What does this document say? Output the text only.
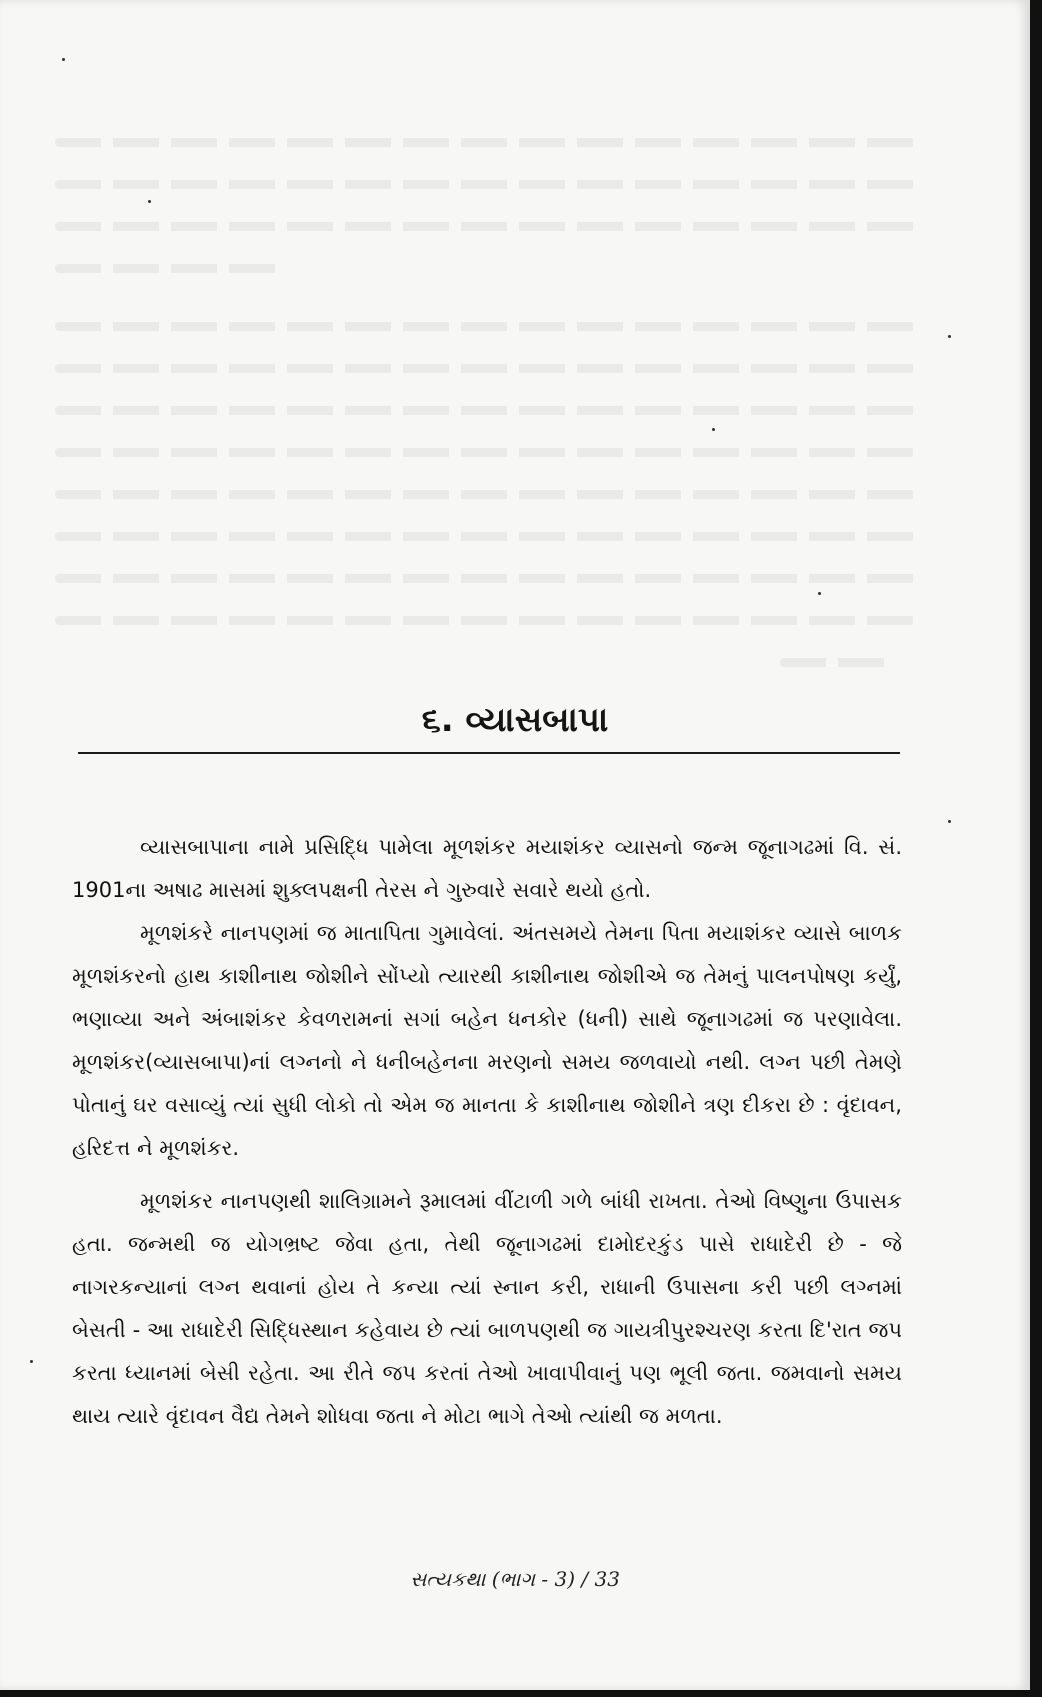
૬. વ્યાસબાપા

વ્યાસબાપાના નામે પ્રસિદ્ધિ પામેલા મૂળશંકર મયાશંકર વ્યાસનો જન્મ જૂનાગઢમાં વિ. સં. 1901ના અષાઢ માસમાં શુક્લપક્ષની તેરસ ને ગુરુવારે સવારે થયો હતો.

મૂળશંકરે નાનપણમાં જ માતાપિતા ગુમાવેલાં. અંતસમયે તેમના પિતા મયાશંકર વ્યાસે બાળક મૂળશંકરનો હાથ કાશીનાથ જોશીને સોંપ્યો ત્યારથી કાશીનાથ જોશીએ જ તેમનું પાલનપોષણ કર્યું, ભણાવ્યા અને અંબાશંકર કેવળરામનાં સગાં બહેન ધનકોર (ધની) સાથે જૂનાગઢમાં જ પરણાવેલા. મૂળશંકર(વ્યાસબાપા)નાં લગ્નનો ને ધનીબહેનના મરણનો સમય જળવાયો નથી. લગ્ન પછી તેમણે પોતાનું ઘર વસાવ્યું ત્યાં સુધી લોકો તો એમ જ માનતા કે કાશીનાથ જોશીને ત્રણ દીકરા છે : વૃંદાવન, હરિદત્ત ને મૂળશંકર.

મૂળશંકર નાનપણથી શાલિગ્રામને રૂમાલમાં વીંટાળી ગળે બાંધી રાખતા. તેઓ વિષ્ણુના ઉપાસક હતા. જન્મથી જ યોગભ્રષ્ટ જેવા હતા, તેથી જૂનાગઢમાં દામોદરકુંડ પાસે રાધાદેરી છે - જે નાગરકન્યાનાં લગ્ન થવાનાં હોય તે કન્યા ત્યાં સ્નાન કરી, રાધાની ઉપાસના કરી પછી લગ્નમાં બેસતી - આ રાધાદેરી સિદ્ધિસ્થાન કહેવાય છે ત્યાં બાળપણથી જ ગાયત્રીપુરશ્ચરણ કરતા દિ'રાત જપ કરતા ધ્યાનમાં બેસી રહેતા. આ રીતે જપ કરતાં તેઓ ખાવાપીવાનું પણ ભૂલી જતા. જમવાનો સમય થાય ત્યારે વૃંદાવન વૈદ્ય તેમને શોધવા જતા ને મોટા ભાગે તેઓ ત્યાંથી જ મળતા.

સત્યકથા (ભાગ - 3) / 33
